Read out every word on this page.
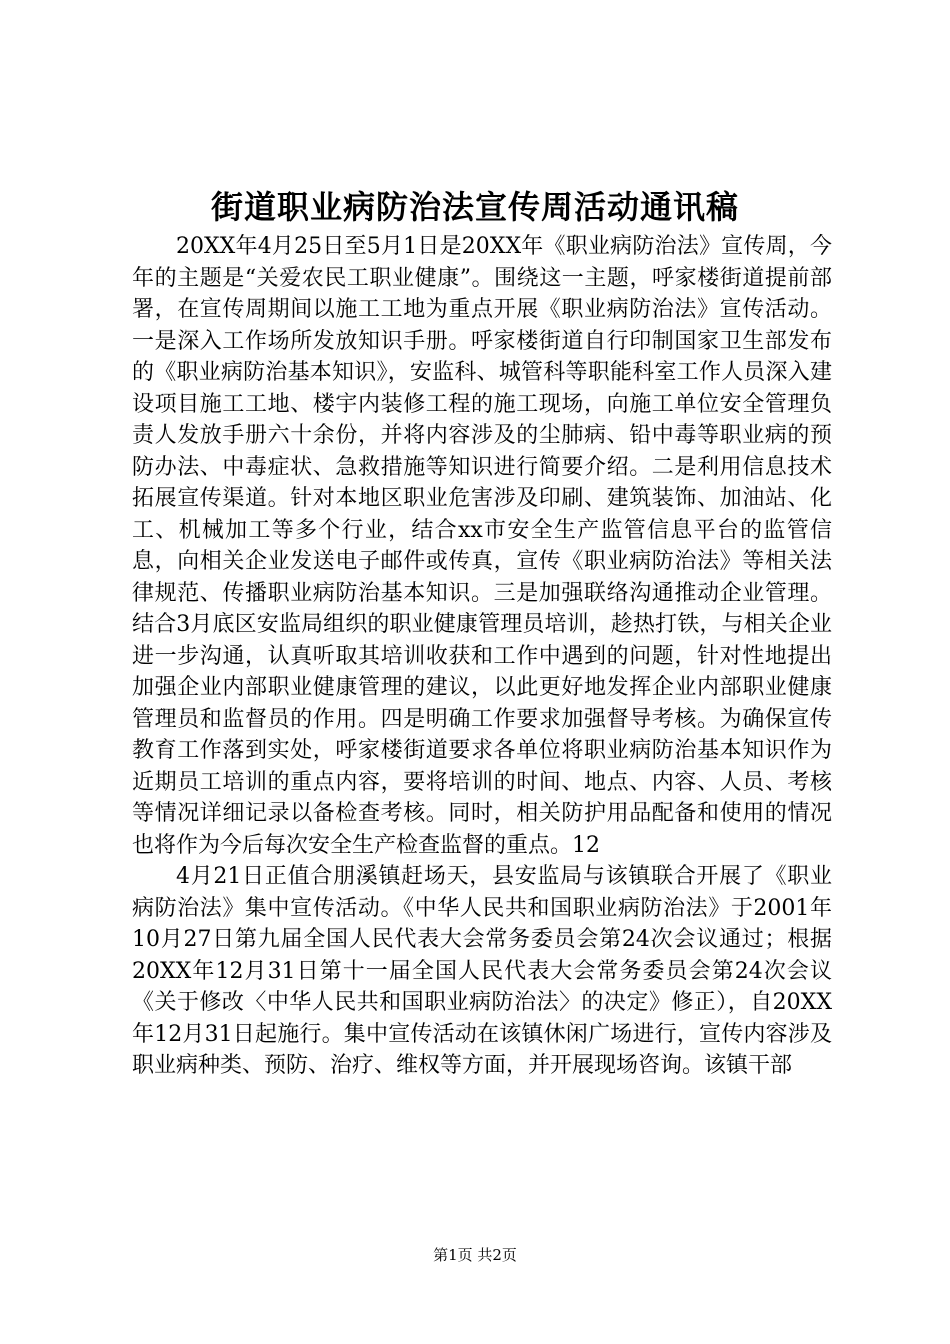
街道职业病防治法宣传周活动通讯稿

20XX年4月25日至5月1日是20XX年《职业病防治法》宣传周，今年的主题是“关爱农民工职业健康”。围绕这一主题，呼家楼街道提前部署，在宣传周期间以施工工地为重点开展《职业病防治法》宣传活动。一是深入工作场所发放知识手册。呼家楼街道自行印制国家卫生部发布的《职业病防治基本知识》，安监科、城管科等职能科室工作人员深入建设项目施工工地、楼宇内装修工程的施工现场，向施工单位安全管理负责人发放手册六十余份，并将内容涉及的尘肺病、铅中毒等职业病的预防办法、中毒症状、急救措施等知识进行简要介绍。二是利用信息技术拓展宣传渠道。针对本地区职业危害涉及印刷、建筑装饰、加油站、化工、机械加工等多个行业，结合xx市安全生产监管信息平台的监管信息，向相关企业发送电子邮件或传真，宣传《职业病防治法》等相关法律规范、传播职业病防治基本知识。三是加强联络沟通推动企业管理。结合3月底区安监局组织的职业健康管理员培训，趁热打铁，与相关企业进一步沟通，认真听取其培训收获和工作中遇到的问题，针对性地提出加强企业内部职业健康管理的建议，以此更好地发挥企业内部职业健康管理员和监督员的作用。四是明确工作要求加强督导考核。为确保宣传教育工作落到实处，呼家楼街道要求各单位将职业病防治基本知识作为近期员工培训的重点内容，要将培训的时间、地点、内容、人员、考核等情况详细记录以备检查考核。同时，相关防护用品配备和使用的情况也将作为今后每次安全生产检查监督的重点。12

4月21日正值合朋溪镇赶场天，县安监局与该镇联合开展了《职业病防治法》集中宣传活动。《中华人民共和国职业病防治法》于2001年10月27日第九届全国人民代表大会常务委员会第24次会议通过；根据20XX年12月31日第十一届全国人民代表大会常务委员会第24次会议《关于修改〈中华人民共和国职业病防治法〉的决定》修正），自20XX年12月31日起施行。集中宣传活动在该镇休闲广场进行，宣传内容涉及职业病种类、预防、治疗、维权等方面，并开展现场咨询。该镇干部

第1页 共2页
